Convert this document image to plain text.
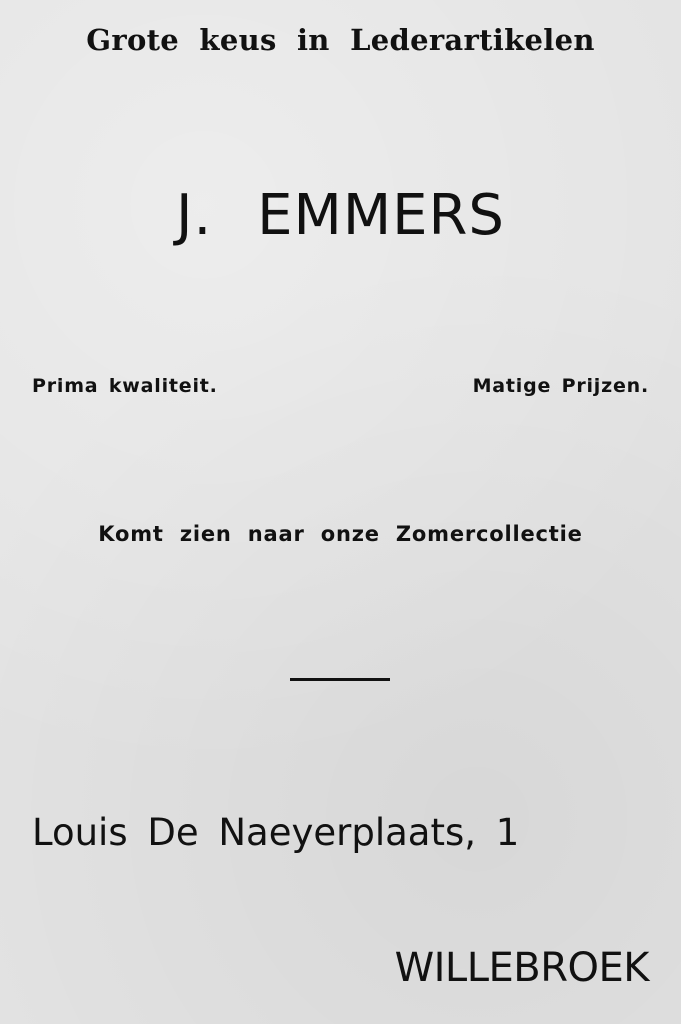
Grote keus in Lederartikelen
J. EMMERS
Prima kwaliteit.	Matige Prijzen.
Komt zien naar onze Zomercollectie
Louis De Naeyerplaats, 1
WILLEBROEK
